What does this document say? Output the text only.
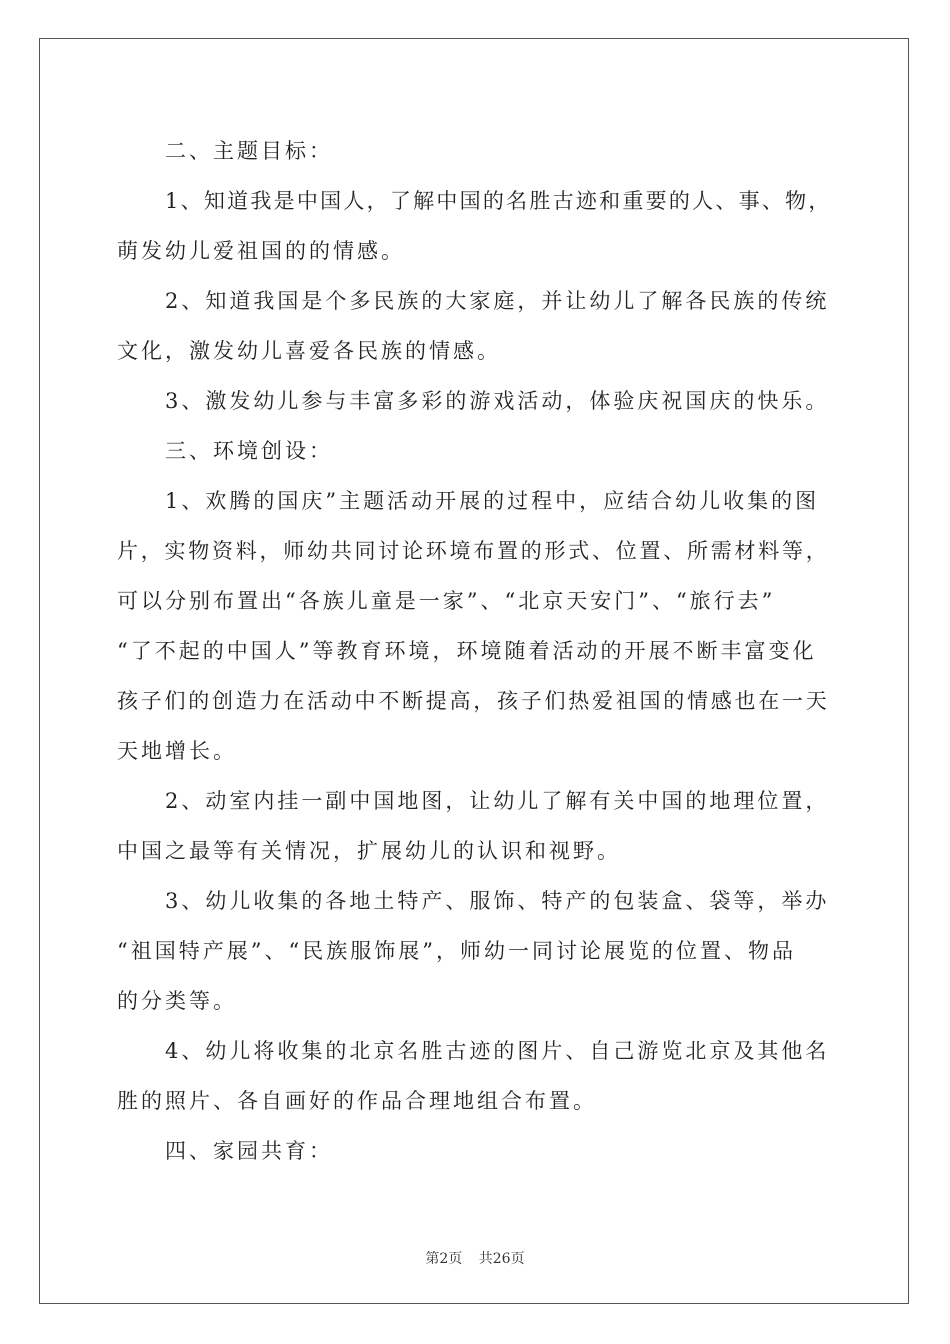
二、主题目标：
1、知道我是中国人，了解中国的名胜古迹和重要的人、事、物，
萌发幼儿爱祖国的的情感。
2、知道我国是个多民族的大家庭，并让幼儿了解各民族的传统
文化，激发幼儿喜爱各民族的情感。
3、激发幼儿参与丰富多彩的游戏活动，体验庆祝国庆的快乐。
三、环境创设：
1、欢腾的国庆”主题活动开展的过程中，应结合幼儿收集的图
片，实物资料，师幼共同讨论环境布置的形式、位置、所需材料等，
可以分别布置出“各族儿童是一家”、“北京天安门”、“旅行去”
“了不起的中国人”等教育环境，环境随着活动的开展不断丰富变化
孩子们的创造力在活动中不断提高，孩子们热爱祖国的情感也在一天
天地增长。
2、动室内挂一副中国地图，让幼儿了解有关中国的地理位置，
中国之最等有关情况，扩展幼儿的认识和视野。
3、幼儿收集的各地土特产、服饰、特产的包装盒、袋等，举办
“祖国特产展”、“民族服饰展”，师幼一同讨论展览的位置、物品
的分类等。
4、幼儿将收集的北京名胜古迹的图片、自己游览北京及其他名
胜的照片、各自画好的作品合理地组合布置。
四、家园共育：
第2页 共26页
